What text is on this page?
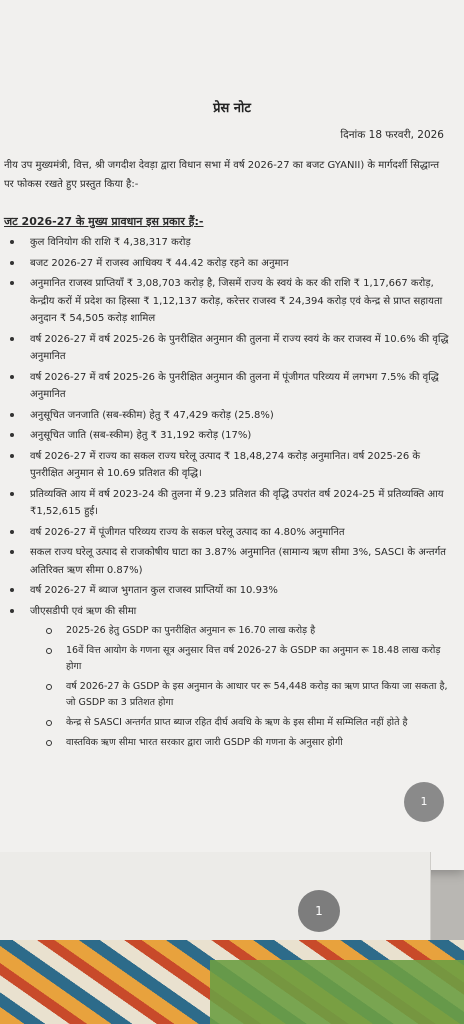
प्रेस नोट
दिनांक 18 फरवरी, 2026
नीय उप मुख्यमंत्री, वित्त, श्री जगदीश देवड़ा द्वारा विधान सभा में वर्ष 2026-27 का बजट GYANII) के मार्गदर्शी सिद्धान्त पर फोकस रखते हुए प्रस्तुत किया है:-
जट 2026-27 के मुख्य प्रावधान इस प्रकार हैं:-
कुल विनियोग की राशि ₹ 4,38,317 करोड़
बजट 2026-27 में राजस्व आधिक्य ₹ 44.42 करोड़ रहने का अनुमान
अनुमानित राजस्व प्राप्तियाँ ₹ 3,08,703 करोड़ है, जिसमें राज्य के स्वयं के कर की राशि ₹ 1,17,667 करोड़, केन्द्रीय करों में प्रदेश का हिस्सा ₹ 1,12,137 करोड़, करेत्तर राजस्व ₹ 24,394 करोड़ एवं केन्द्र से प्राप्त सहायता अनुदान ₹ 54,505 करोड़ शामिल
वर्ष 2026-27 में वर्ष 2025-26 के पुनरीक्षित अनुमान की तुलना में राज्य स्वयं के कर राजस्व में 10.6% की वृद्धि अनुमानित
वर्ष 2026-27 में वर्ष 2025-26 के पुनरीक्षित अनुमान की तुलना में पूंजीगत परिव्यय में लगभग 7.5% की वृद्धि अनुमानित
अनुसूचित जनजाति (सब-स्कीम) हेतु ₹ 47,429 करोड़ (25.8%)
अनुसूचित जाति (सब-स्कीम) हेतु ₹ 31,192 करोड़ (17%)
वर्ष 2026-27 में राज्य का सकल राज्य घरेलू उत्पाद ₹ 18,48,274 करोड़ अनुमानित। वर्ष 2025-26 के पुनरीक्षित अनुमान से 10.69 प्रतिशत की वृद्धि।
प्रतिव्यक्ति आय में वर्ष 2023-24 की तुलना में 9.23 प्रतिशत की वृद्धि उपरांत वर्ष 2024-25 में प्रतिव्यक्ति आय ₹1,52,615 हुई।
वर्ष 2026-27 में पूंजीगत परिव्यय राज्य के सकल घरेलू उत्पाद का 4.80% अनुमानित
सकल राज्य घरेलू उत्पाद से राजकोषीय घाटा का 3.87% अनुमानित (सामान्य ऋण सीमा 3%, SASCI के अन्तर्गत अतिरिक्त ऋण सीमा 0.87%)
वर्ष 2026-27 में ब्याज भुगतान कुल राजस्व प्राप्तियों का 10.93%
जीएसडीपी एवं ऋण की सीमा
2025-26 हेतु GSDP का पुनरीक्षित अनुमान रू 16.70 लाख करोड़ है
16वें वित्त आयोग के गणना सूत्र अनुसार वित्त वर्ष 2026-27 के GSDP का अनुमान रू 18.48 लाख करोड़ होगा
वर्ष 2026-27 के GSDP के इस अनुमान के आधार पर रू 54,448 करोड़ का ऋण प्राप्त किया जा सकता है, जो GSDP का 3 प्रतिशत होगा
केन्द्र से SASCI अन्तर्गत प्राप्त ब्याज रहित दीर्घ अवधि के ऋण के इस सीमा में सम्मिलित नहीं होते है
वास्तविक ऋण सीमा भारत सरकार द्वारा जारी GSDP की गणना के अनुसार होगी
1
1
